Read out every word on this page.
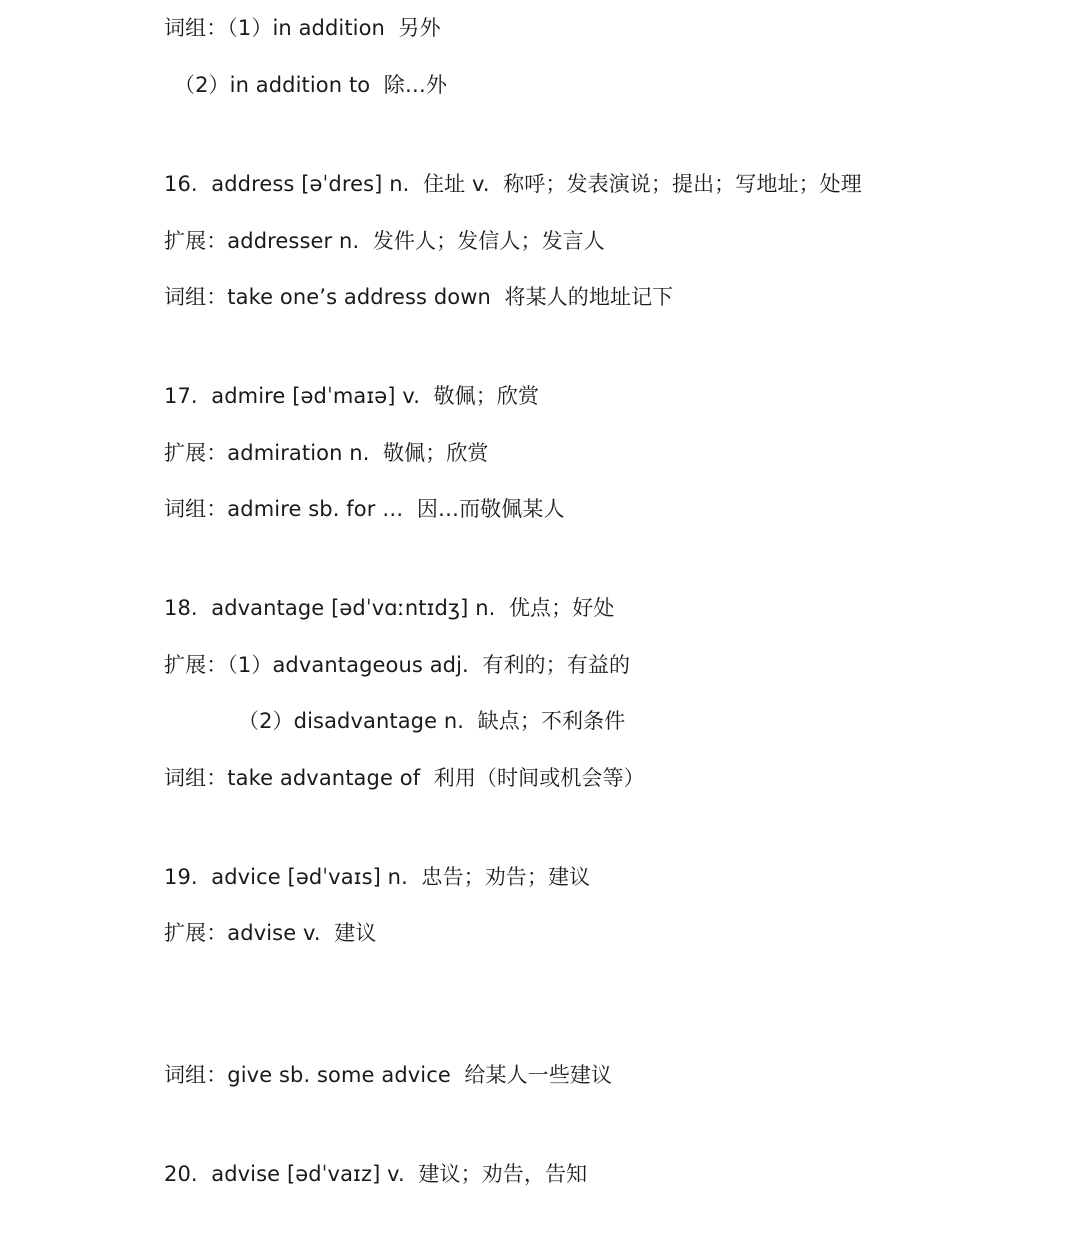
词组：（1）in addition  另外
（2）in addition to  除…外
16.  address [əˈdres] n.  住址 v.  称呼；发表演说；提出；写地址；处理
扩展：addresser n.  发件人；发信人；发言人
词组：take one’s address down  将某人的地址记下
17.  admire [ədˈmaɪə] v.  敬佩；欣赏
扩展：admiration n.  敬佩；欣赏
词组：admire sb. for …  因…而敬佩某人
18.  advantage [ədˈvɑːntɪdʒ] n.  优点；好处
扩展：（1）advantageous adj.  有利的；有益的
（2）disadvantage n.  缺点；不利条件
词组：take advantage of  利用（时间或机会等）
19.  advice [ədˈvaɪs] n.  忠告；劝告；建议
扩展：advise v.  建议
词组：give sb. some advice  给某人一些建议
20.  advise [ədˈvaɪz] v.  建议；劝告，告知
